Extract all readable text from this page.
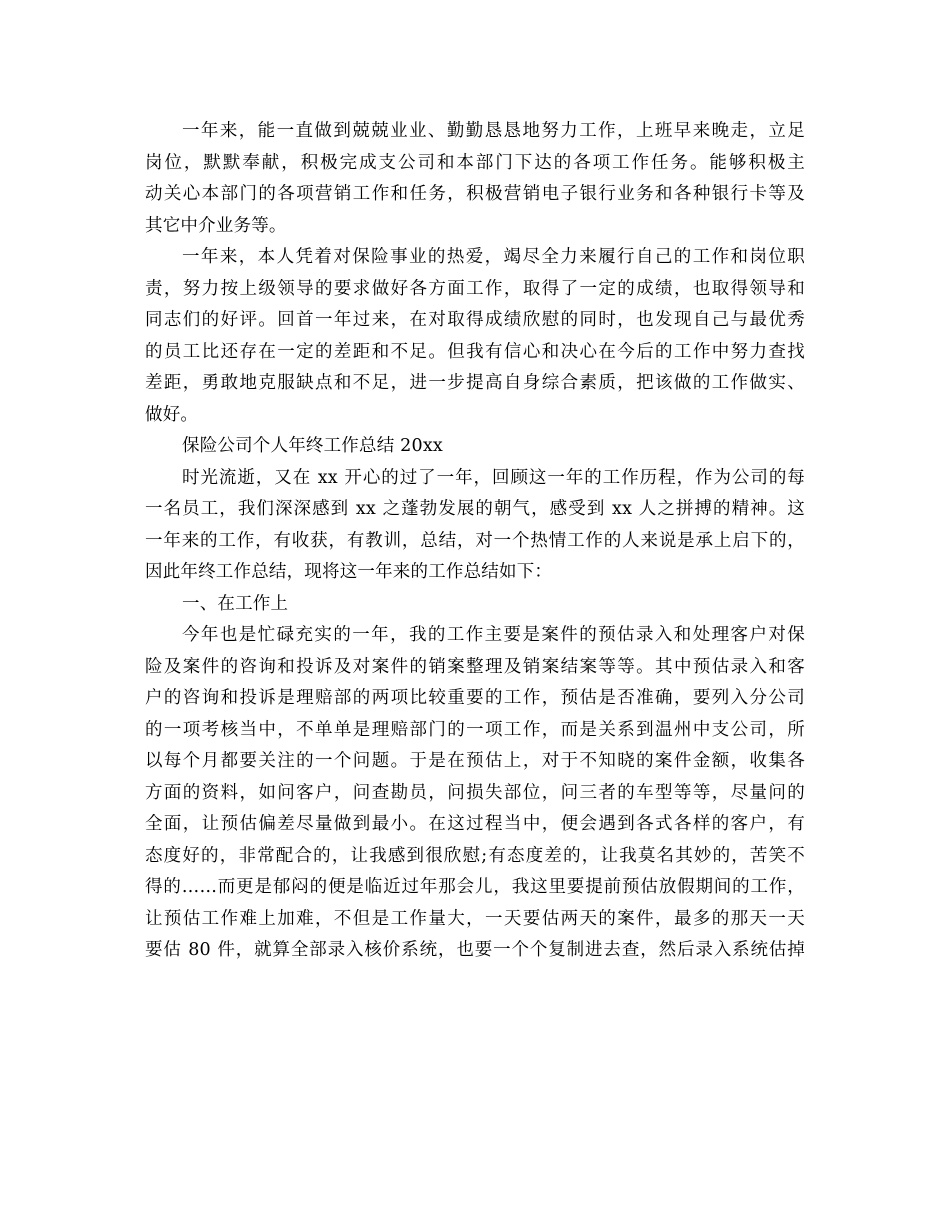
一年来，能一直做到兢兢业业、勤勤恳恳地努力工作，上班早来晚走，立足
岗位，默默奉献，积极完成支公司和本部门下达的各项工作任务。能够积极主
动关心本部门的各项营销工作和任务，积极营销电子银行业务和各种银行卡等及
其它中介业务等。
一年来，本人凭着对保险事业的热爱，竭尽全力来履行自己的工作和岗位职
责，努力按上级领导的要求做好各方面工作，取得了一定的成绩，也取得领导和
同志们的好评。回首一年过来，在对取得成绩欣慰的同时，也发现自己与最优秀
的员工比还存在一定的差距和不足。但我有信心和决心在今后的工作中努力查找
差距，勇敢地克服缺点和不足，进一步提高自身综合素质，把该做的工作做实、
做好。
保险公司个人年终工作总结 20xx
时光流逝，又在 xx 开心的过了一年，回顾这一年的工作历程，作为公司的每
一名员工，我们深深感到 xx 之蓬勃发展的朝气，感受到 xx 人之拼搏的精神。这
一年来的工作，有收获，有教训，总结，对一个热情工作的人来说是承上启下的，
因此年终工作总结，现将这一年来的工作总结如下：
一、在工作上
今年也是忙碌充实的一年，我的工作主要是案件的预估录入和处理客户对保
险及案件的咨询和投诉及对案件的销案整理及销案结案等等。其中预估录入和客
户的咨询和投诉是理赔部的两项比较重要的工作，预估是否准确，要列入分公司
的一项考核当中，不单单是理赔部门的一项工作，而是关系到温州中支公司，所
以每个月都要关注的一个问题。于是在预估上，对于不知晓的案件金额，收集各
方面的资料，如问客户，问查勘员，问损失部位，问三者的车型等等，尽量问的
全面，让预估偏差尽量做到最小。在这过程当中，便会遇到各式各样的客户，有
态度好的，非常配合的，让我感到很欣慰;有态度差的，让我莫名其妙的，苦笑不
得的……而更是郁闷的便是临近过年那会儿，我这里要提前预估放假期间的工作，
让预估工作难上加难，不但是工作量大，一天要估两天的案件，最多的那天一天
要估 80 件，就算全部录入核价系统，也要一个个复制进去查，然后录入系统估掉
